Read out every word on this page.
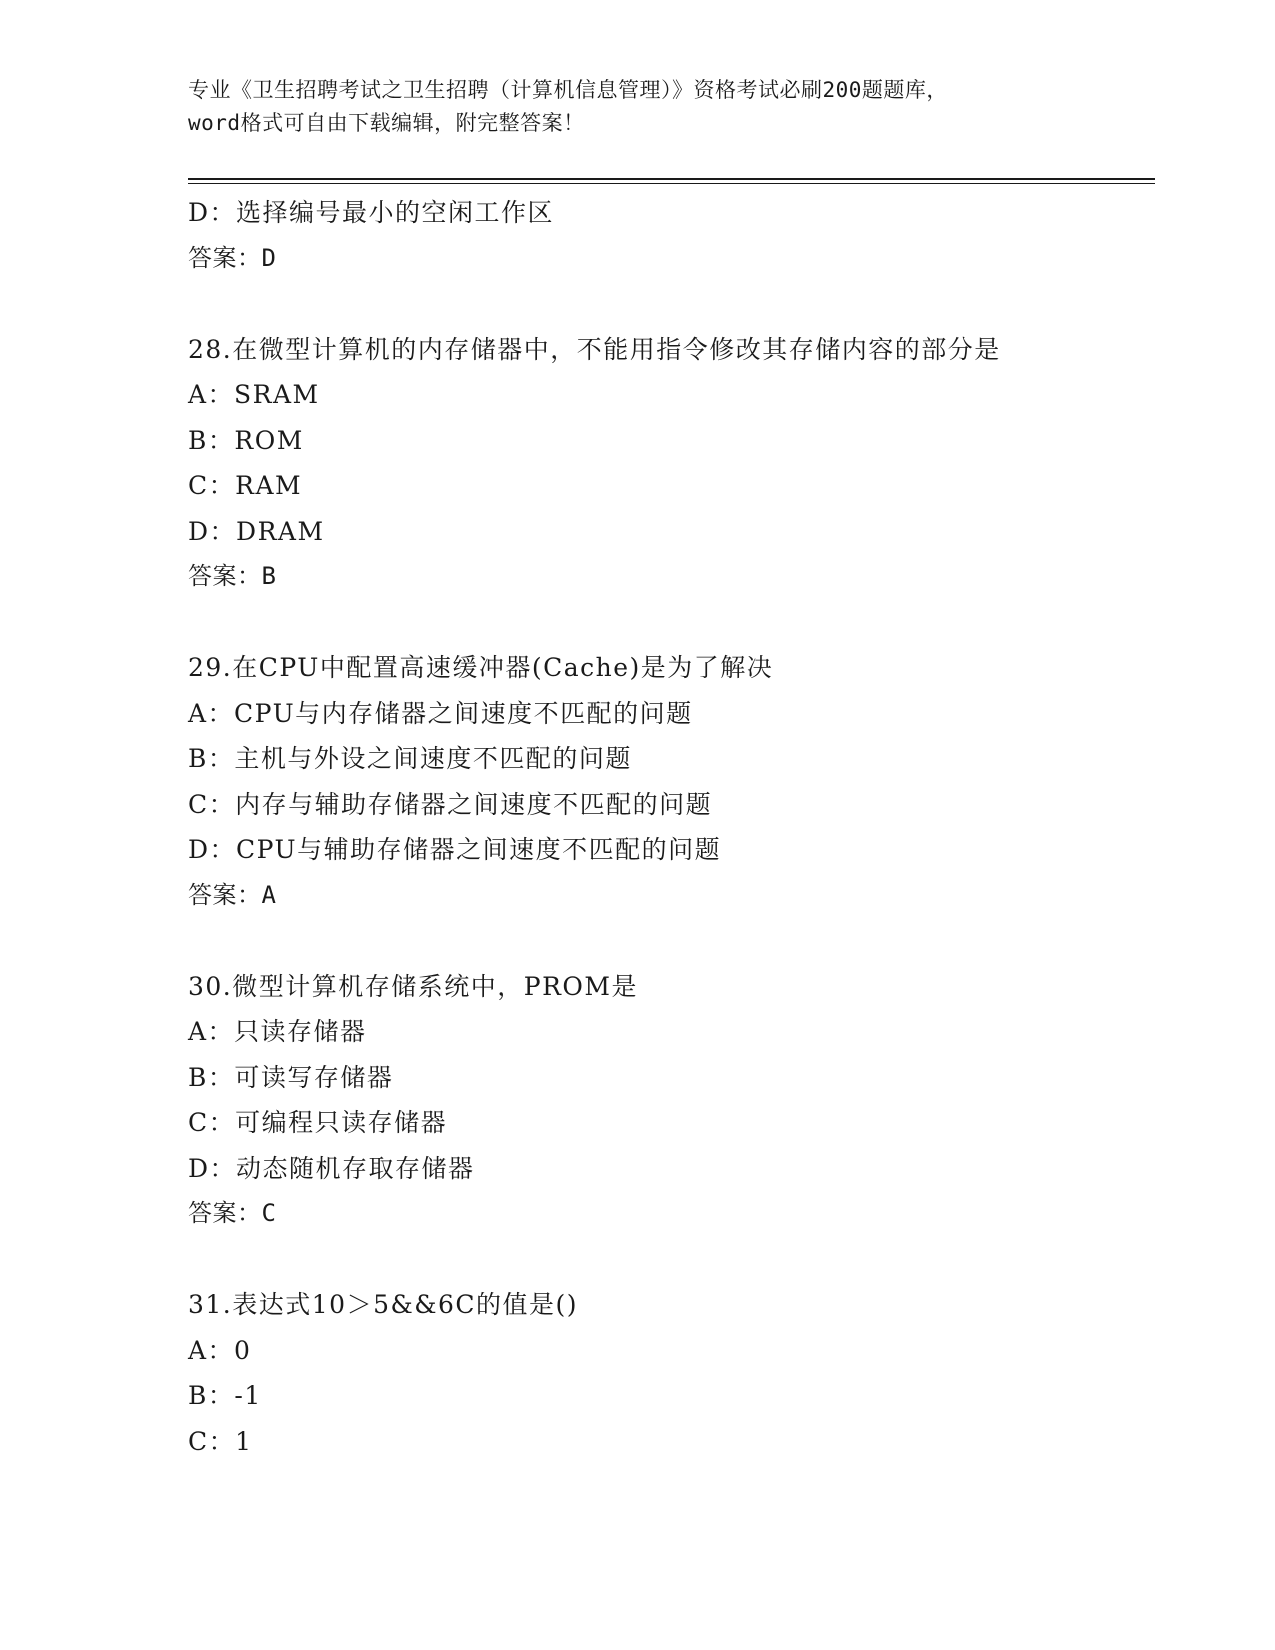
专业《卫生招聘考试之卫生招聘（计算机信息管理）》资格考试必刷200题题库，
word格式可自由下载编辑，附完整答案！
D：选择编号最小的空闲工作区
答案：D
28.在微型计算机的内存储器中，不能用指令修改其存储内容的部分是
A：SRAM
B：ROM
C：RAM
D：DRAM
答案：B
29.在CPU中配置高速缓冲器(Cache)是为了解决
A：CPU与内存储器之间速度不匹配的问题
B：主机与外设之间速度不匹配的问题
C：内存与辅助存储器之间速度不匹配的问题
D：CPU与辅助存储器之间速度不匹配的问题
答案：A
30.微型计算机存储系统中，PROM是
A：只读存储器
B：可读写存储器
C：可编程只读存储器
D：动态随机存取存储器
答案：C
31.表达式10＞5&&6C的值是()
A：0
B：-1
C：1
